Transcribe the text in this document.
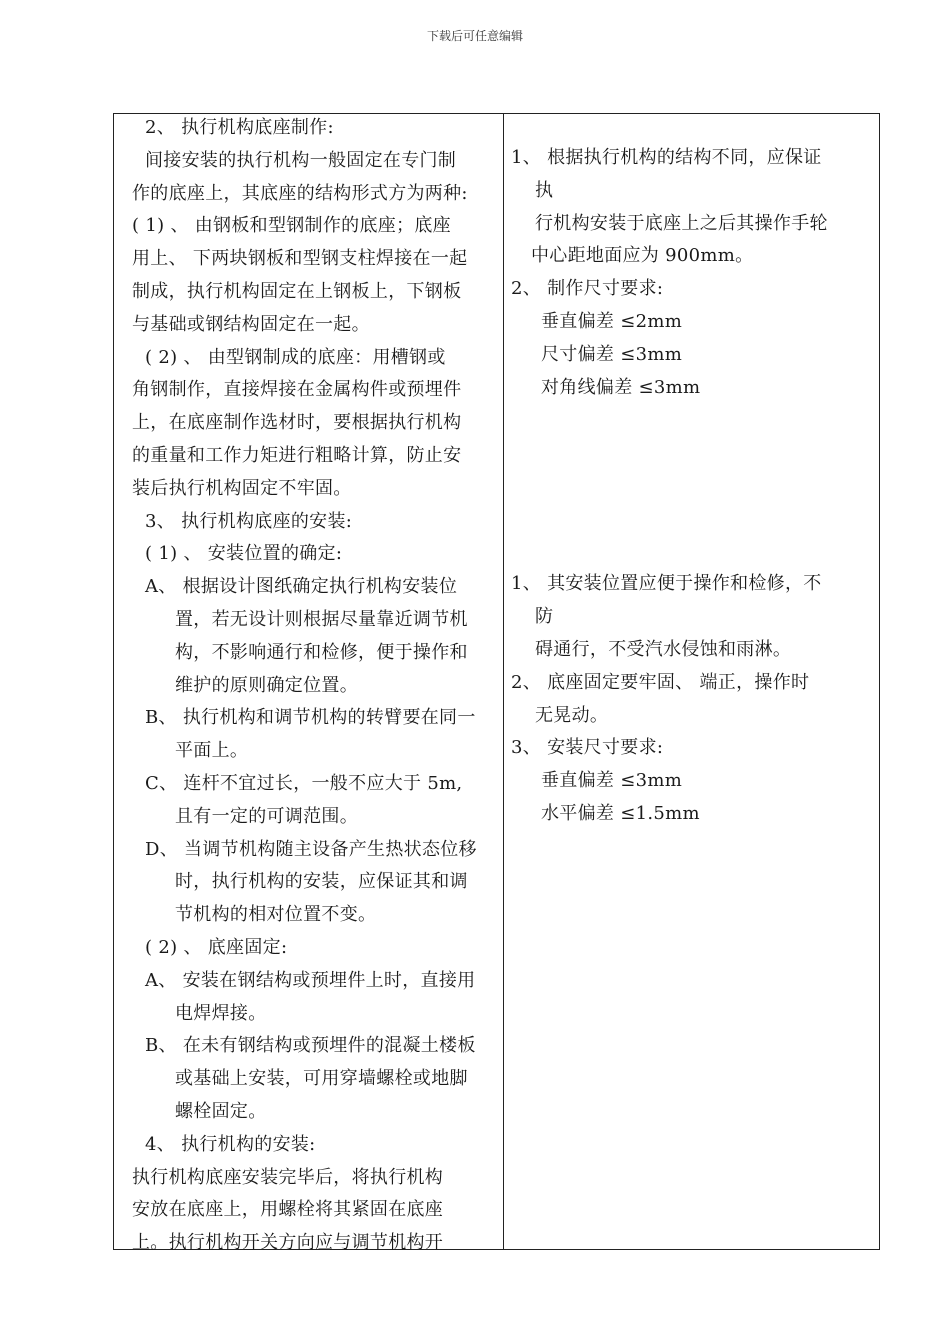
下载后可任意编辑
2、 执行机构底座制作:
间接安装的执行机构一般固定在专门制
作的底座上，其底座的结构形式方为两种:
( 1) 、 由钢板和型钢制作的底座；底座
用上、 下两块钢板和型钢支柱焊接在一起
制成，执行机构固定在上钢板上，下钢板
与基础或钢结构固定在一起。
( 2) 、 由型钢制成的底座：用槽钢或
角钢制作，直接焊接在金属构件或预埋件
上，在底座制作选材时，要根据执行机构
的重量和工作力矩进行粗略计算，防止安
装后执行机构固定不牢固。
3、 执行机构底座的安装:
( 1) 、 安装位置的确定:
A、 根据设计图纸确定执行机构安装位
置，若无设计则根据尽量靠近调节机
构，不影响通行和检修，便于操作和
维护的原则确定位置。
B、 执行机构和调节机构的转臂要在同一
平面上。
C、 连杆不宜过长，一般不应大于 5m,
且有一定的可调范围。
D、 当调节机构随主设备产生热状态位移
时，执行机构的安装，应保证其和调
节机构的相对位置不变。
( 2) 、 底座固定:
A、 安装在钢结构或预埋件上时，直接用
电焊焊接。
B、 在未有钢结构或预埋件的混凝土楼板
或基础上安装，可用穿墙螺栓或地脚
螺栓固定。
4、 执行机构的安装:
执行机构底座安装完毕后，将执行机构
安放在底座上，用螺栓将其紧固在底座
上。执行机构开关方向应与调节机构开
1、 根据执行机构的结构不同，应保证
执
行机构安装于底座上之后其操作手轮
中心距地面应为 900mm。
2、 制作尺寸要求:
垂直偏差 ≤2mm
尺寸偏差 ≤3mm
对角线偏差 ≤3mm
1、 其安装位置应便于操作和检修，不
防
碍通行，不受汽水侵蚀和雨淋。
2、 底座固定要牢固、 端正，操作时
无晃动。
3、 安装尺寸要求:
垂直偏差 ≤3mm
水平偏差 ≤1.5mm
